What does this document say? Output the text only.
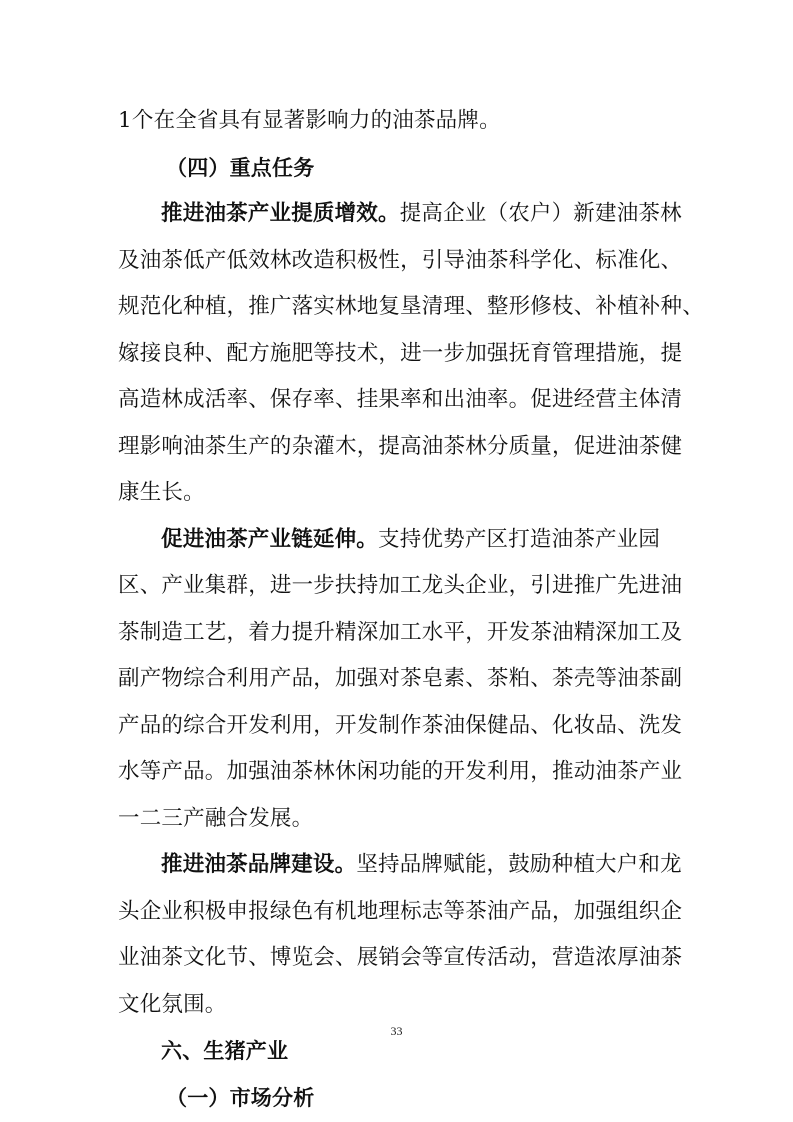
1个在全省具有显著影响力的油茶品牌。
（四）重点任务
推进油茶产业提质增效。提高企业（农户）新建油茶林
及油茶低产低效林改造积极性，引导油茶科学化、标准化、
规范化种植，推广落实林地复垦清理、整形修枝、补植补种、
嫁接良种、配方施肥等技术，进一步加强抚育管理措施，提
高造林成活率、保存率、挂果率和出油率。促进经营主体清
理影响油茶生产的杂灌木，提高油茶林分质量，促进油茶健
康生长。
促进油茶产业链延伸。支持优势产区打造油茶产业园
区、产业集群，进一步扶持加工龙头企业，引进推广先进油
茶制造工艺，着力提升精深加工水平，开发茶油精深加工及
副产物综合利用产品，加强对茶皂素、茶粕、茶壳等油茶副
产品的综合开发利用，开发制作茶油保健品、化妆品、洗发
水等产品。加强油茶林休闲功能的开发利用，推动油茶产业
一二三产融合发展。
推进油茶品牌建设。坚持品牌赋能，鼓励种植大户和龙
头企业积极申报绿色有机地理标志等茶油产品，加强组织企
业油茶文化节、博览会、展销会等宣传活动，营造浓厚油茶
文化氛围。
六、生猪产业
（一）市场分析
33
